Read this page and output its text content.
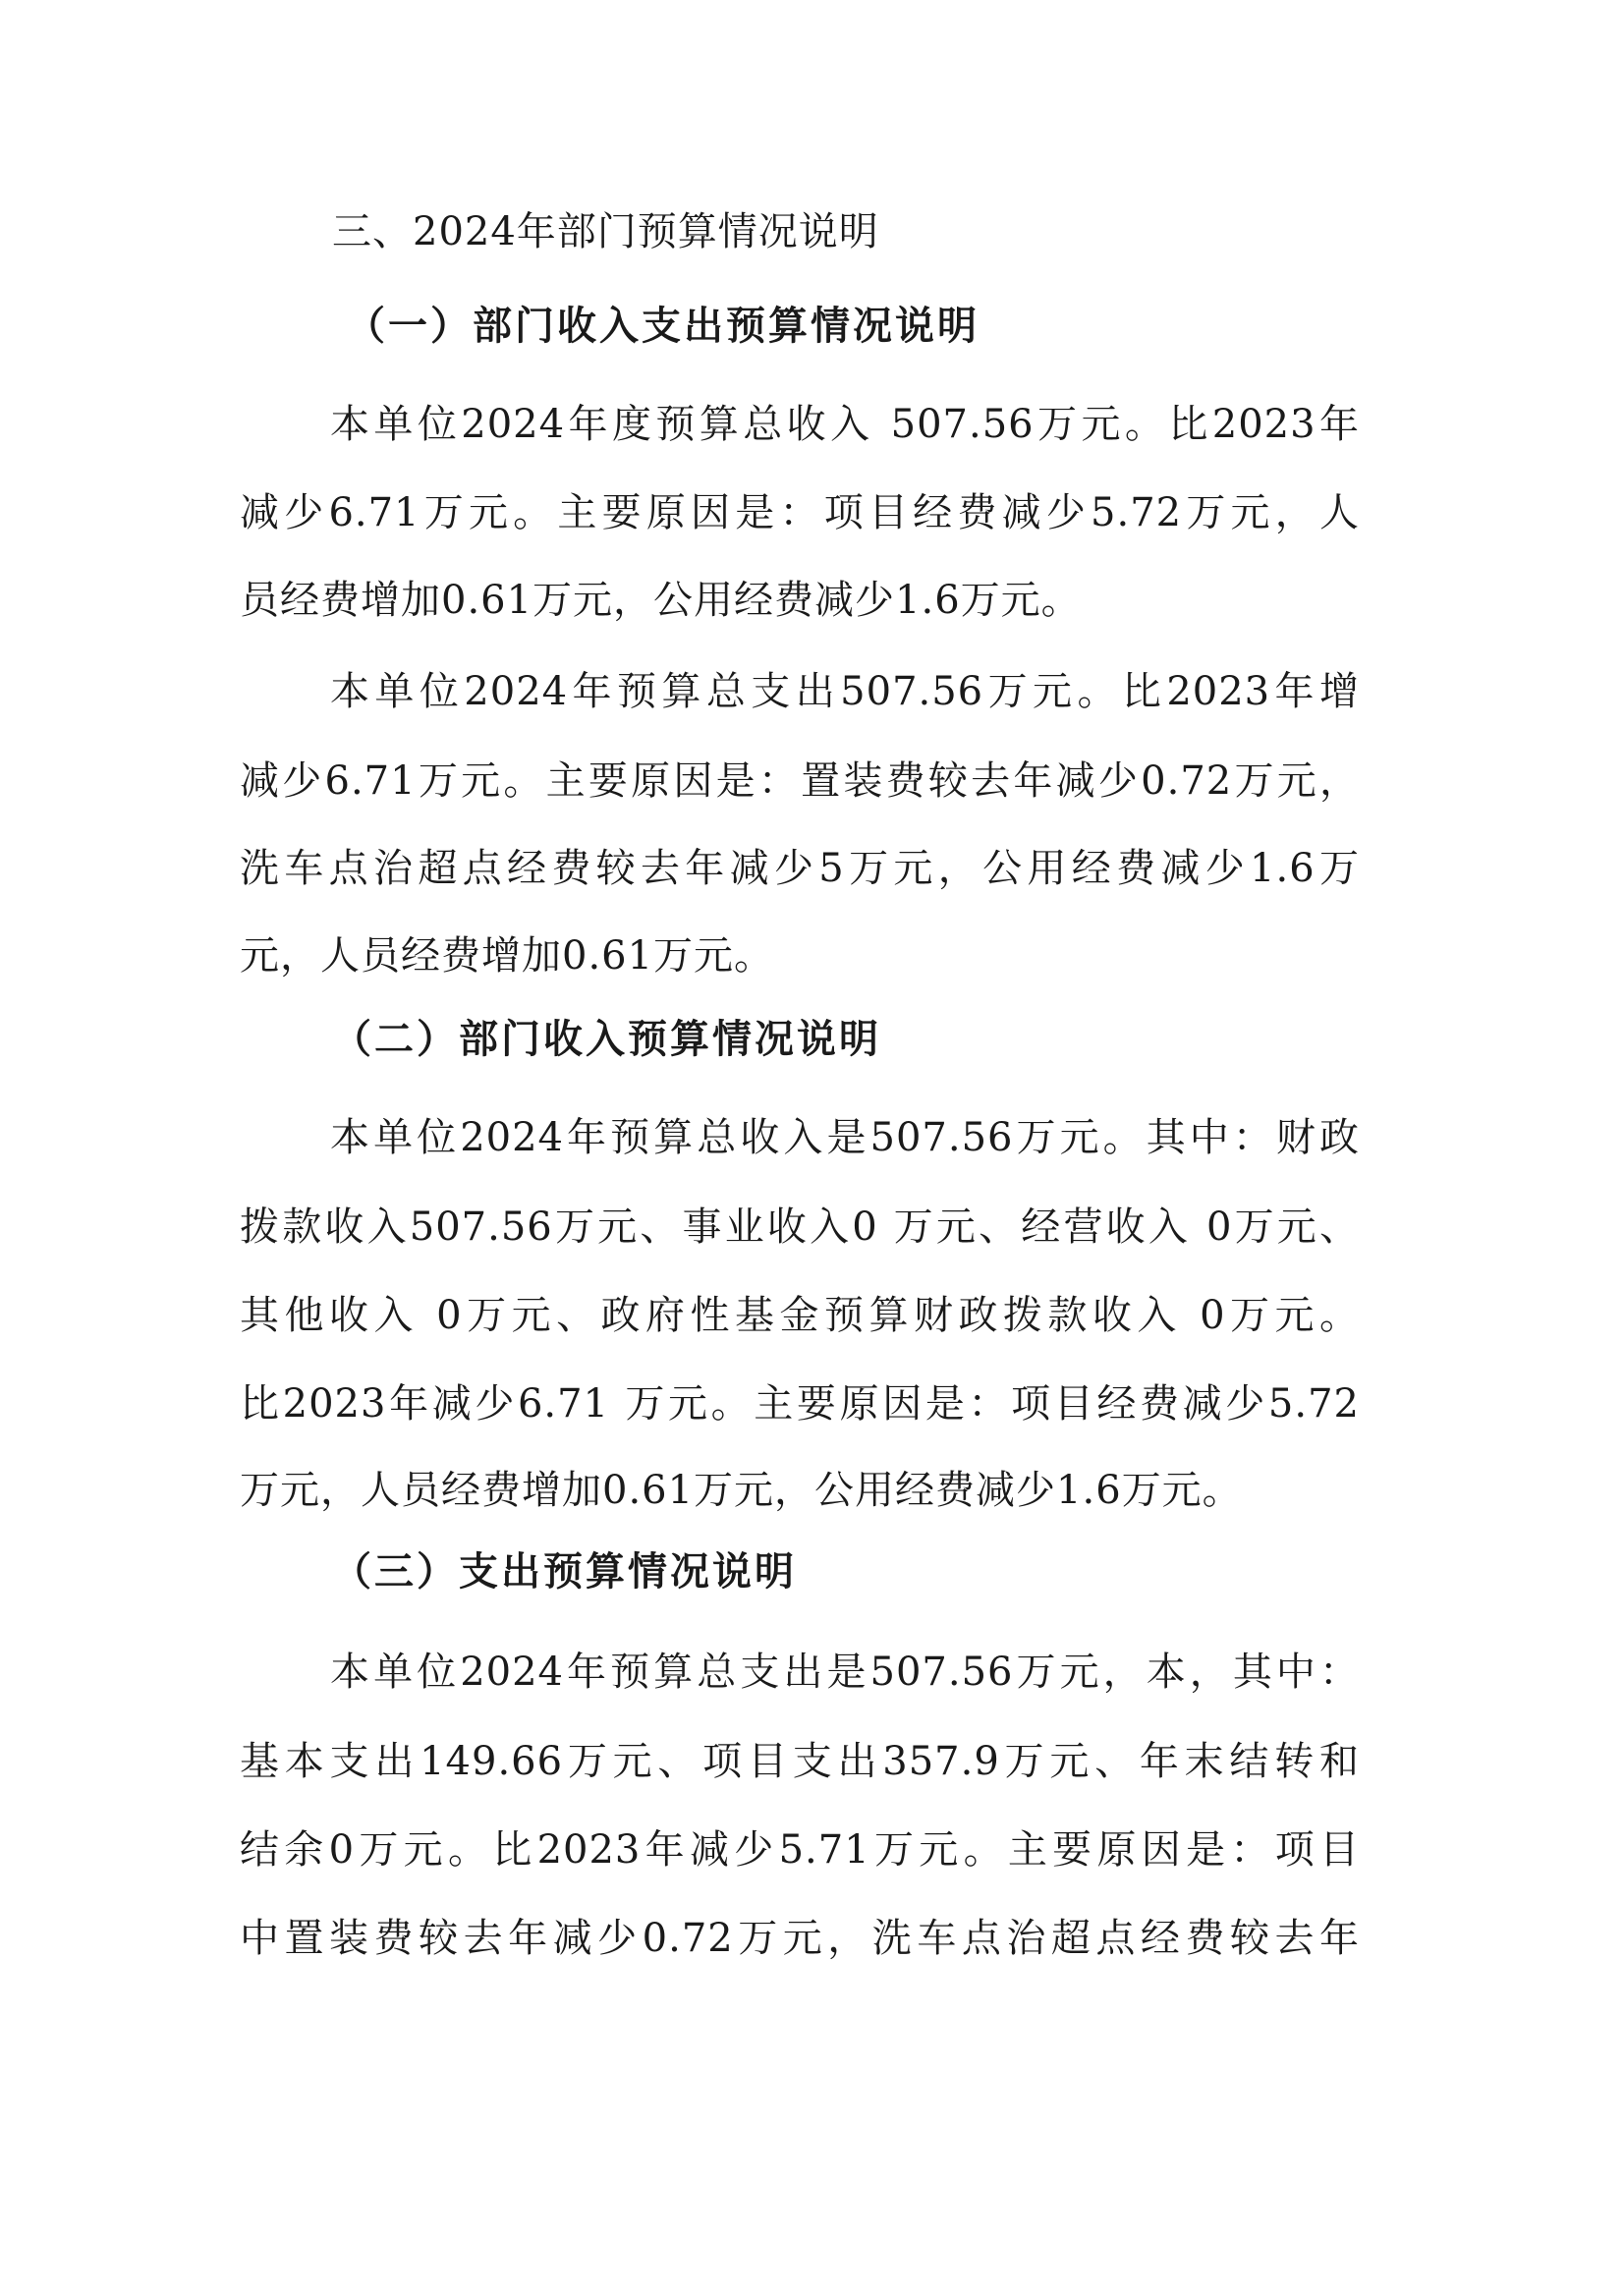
三、2024年部门预算情况说明
（一）部门收入支出预算情况说明
本单位2024年度预算总收入 507.56万元。比2023年
减少6.71万元。主要原因是：项目经费减少5.72万元，人
员经费增加0.61万元，公用经费减少1.6万元。
本单位2024年预算总支出507.56万元。比2023年增
减少6.71万元。主要原因是：置装费较去年减少0.72万元，
洗车点治超点经费较去年减少5万元，公用经费减少1.6万
元，人员经费增加0.61万元。
（二）部门收入预算情况说明
本单位2024年预算总收入是507.56万元。其中：财政
拨款收入507.56万元、事业收入0 万元、经营收入 0万元、
其他收入 0万元、政府性基金预算财政拨款收入 0万元。
比2023年减少6.71 万元。主要原因是：项目经费减少5.72
万元，人员经费增加0.61万元，公用经费减少1.6万元。
（三）支出预算情况说明
本单位2024年预算总支出是507.56万元，本，其中：
基本支出149.66万元、项目支出357.9万元、年末结转和
结余0万元。比2023年减少5.71万元。主要原因是：项目
中置装费较去年减少0.72万元，洗车点治超点经费较去年
